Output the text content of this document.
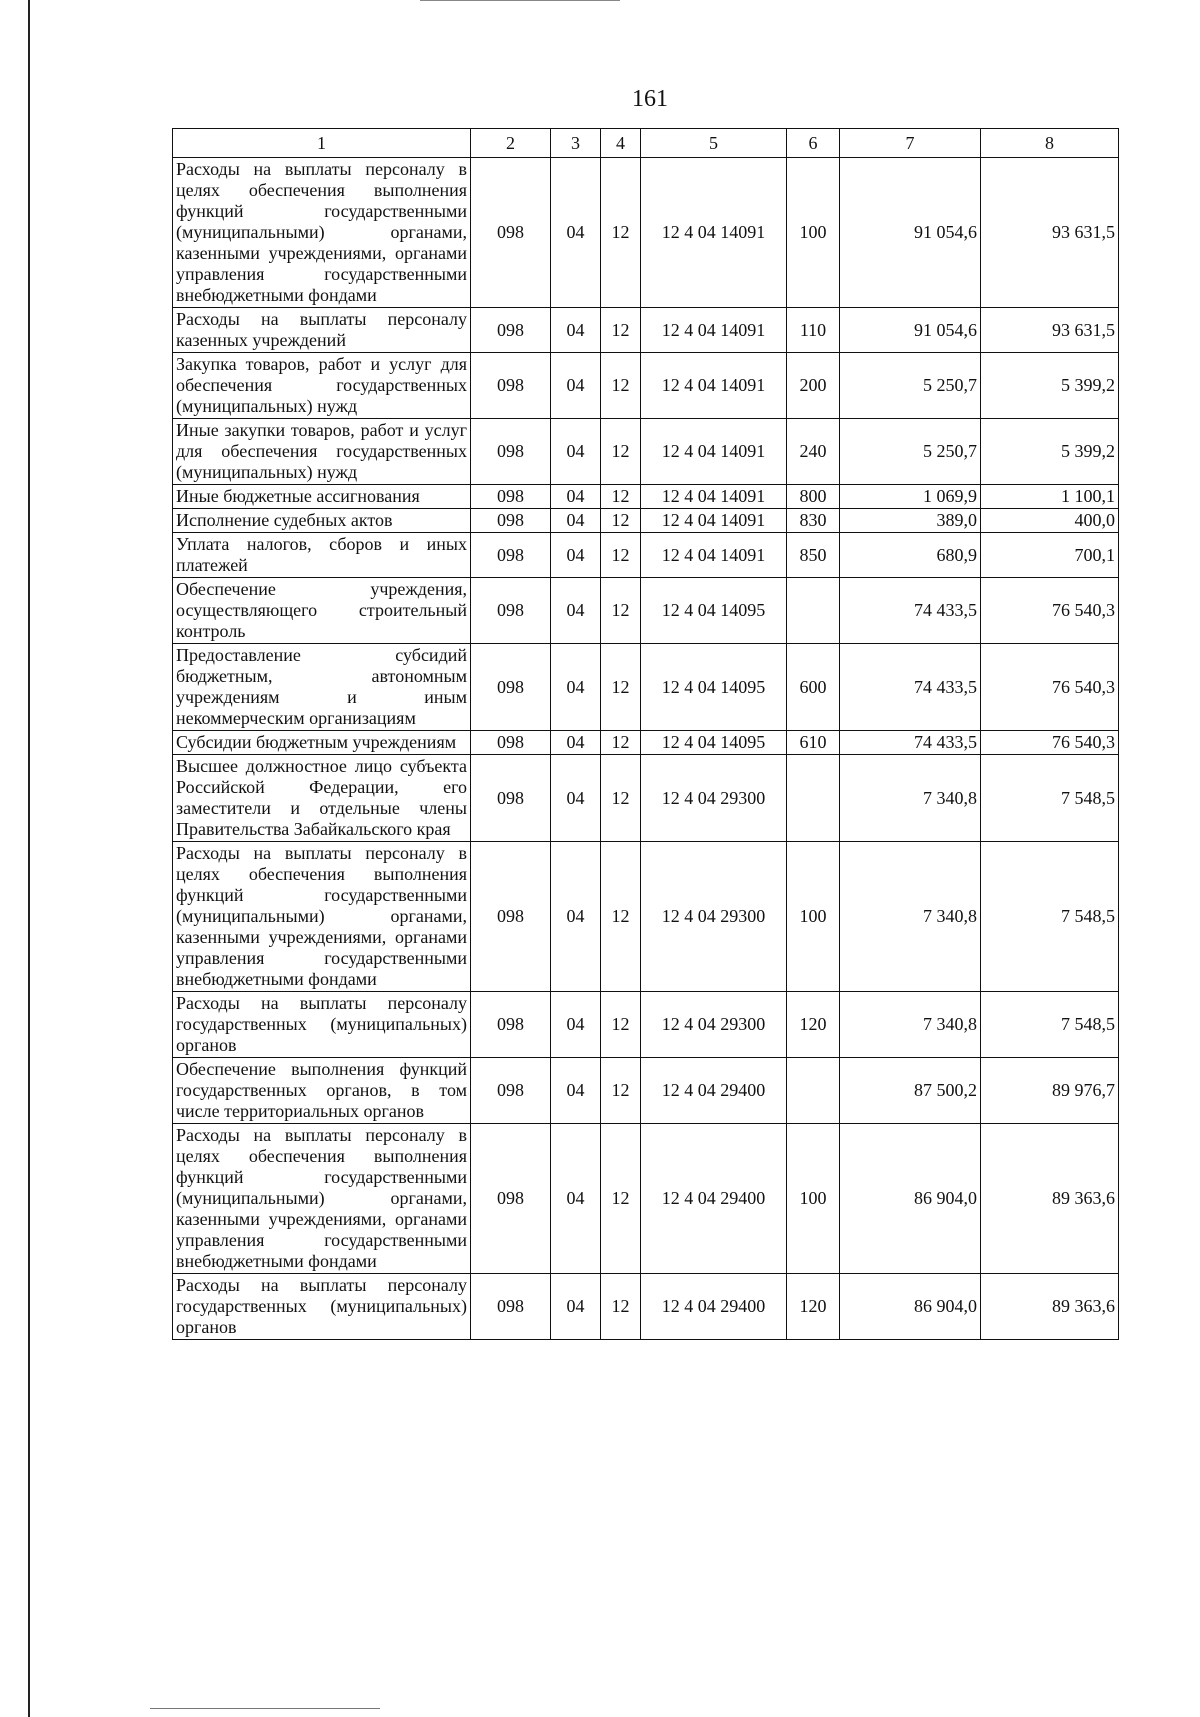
161
1	2	3	4	5	6	7	8
Расходы на выплаты персоналу в целях обеспечения выполнения функций государственными (муниципальными) органами, казенными учреждениями, органами управления государственными внебюджетными фондами	098	04	12	12 4 04 14091	100	91 054,6	93 631,5
Расходы на выплаты персоналу казенных учреждений	098	04	12	12 4 04 14091	110	91 054,6	93 631,5
Закупка товаров, работ и услуг для обеспечения государственных (муниципальных) нужд	098	04	12	12 4 04 14091	200	5 250,7	5 399,2
Иные закупки товаров, работ и услуг для обеспечения государственных (муниципальных) нужд	098	04	12	12 4 04 14091	240	5 250,7	5 399,2
Иные бюджетные ассигнования	098	04	12	12 4 04 14091	800	1 069,9	1 100,1
Исполнение судебных актов	098	04	12	12 4 04 14091	830	389,0	400,0
Уплата налогов, сборов и иных платежей	098	04	12	12 4 04 14091	850	680,9	700,1
Обеспечение учреждения, осуществляющего строительный контроль	098	04	12	12 4 04 14095		74 433,5	76 540,3
Предоставление субсидий бюджетным, автономным учреждениям и иным некоммерческим организациям	098	04	12	12 4 04 14095	600	74 433,5	76 540,3
Субсидии бюджетным учреждениям	098	04	12	12 4 04 14095	610	74 433,5	76 540,3
Высшее должностное лицо субъекта Российской Федерации, его заместители и отдельные члены Правительства Забайкальского края	098	04	12	12 4 04 29300		7 340,8	7 548,5
Расходы на выплаты персоналу в целях обеспечения выполнения функций государственными (муниципальными) органами, казенными учреждениями, органами управления государственными внебюджетными фондами	098	04	12	12 4 04 29300	100	7 340,8	7 548,5
Расходы на выплаты персоналу государственных (муниципальных) органов	098	04	12	12 4 04 29300	120	7 340,8	7 548,5
Обеспечение выполнения функций государственных органов, в том числе территориальных органов	098	04	12	12 4 04 29400		87 500,2	89 976,7
Расходы на выплаты персоналу в целях обеспечения выполнения функций государственными (муниципальными) органами, казенными учреждениями, органами управления государственными внебюджетными фондами	098	04	12	12 4 04 29400	100	86 904,0	89 363,6
Расходы на выплаты персоналу государственных (муниципальных) органов	098	04	12	12 4 04 29400	120	86 904,0	89 363,6
